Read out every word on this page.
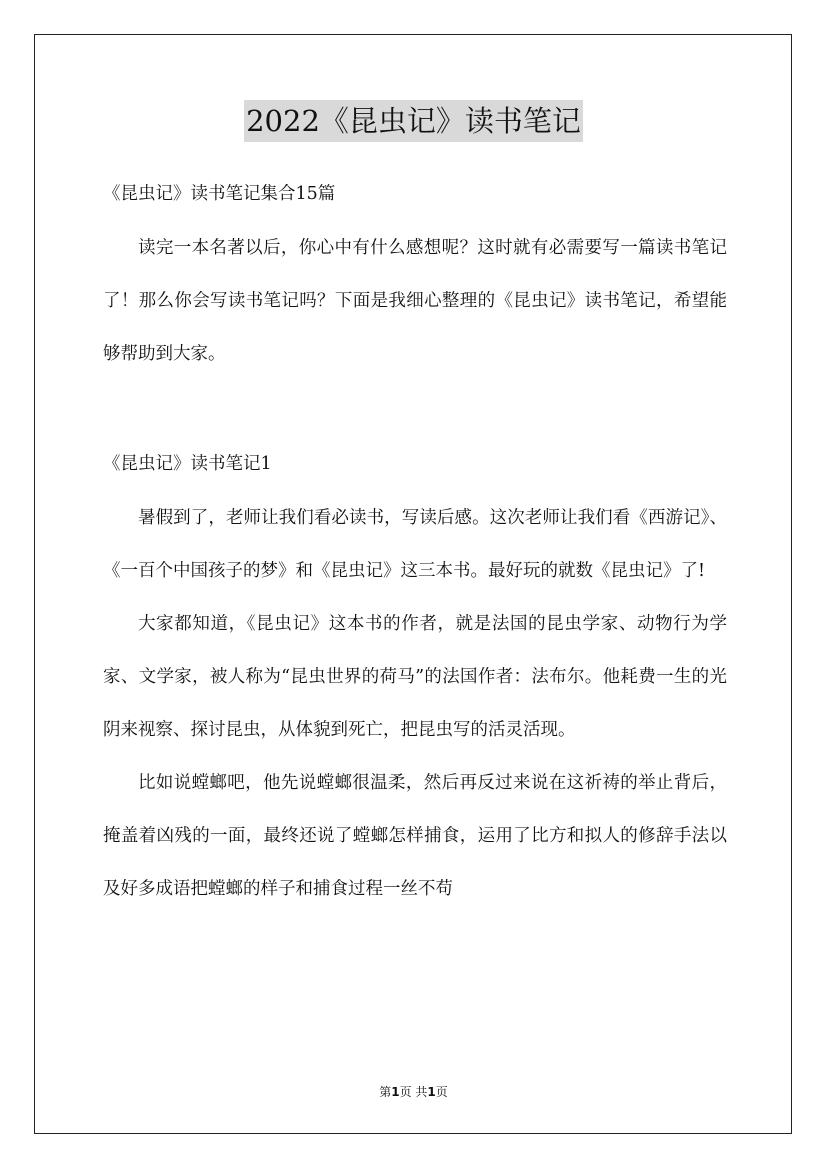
2022《昆虫记》读书笔记
《昆虫记》读书笔记集合15篇

读完一本名著以后，你心中有什么感想呢？这时就有必需要写一篇读书笔记了！那么你会写读书笔记吗？下面是我细心整理的《昆虫记》读书笔记，希望能够帮助到大家。

《昆虫记》读书笔记1

暑假到了，老师让我们看必读书，写读后感。这次老师让我们看《西游记》、《一百个中国孩子的梦》和《昆虫记》这三本书。最好玩的就数《昆虫记》了!

大家都知道，《昆虫记》这本书的作者，就是法国的昆虫学家、动物行为学家、文学家，被人称为“昆虫世界的荷马”的法国作者：法布尔。他耗费一生的光阴来视察、探讨昆虫，从体貌到死亡，把昆虫写的活灵活现。

比如说螳螂吧，他先说螳螂很温柔，然后再反过来说在这祈祷的举止背后，掩盖着凶残的一面，最终还说了螳螂怎样捕食，运用了比方和拟人的修辞手法以及好多成语把螳螂的样子和捕食过程一丝不苟

第1页 共1页
